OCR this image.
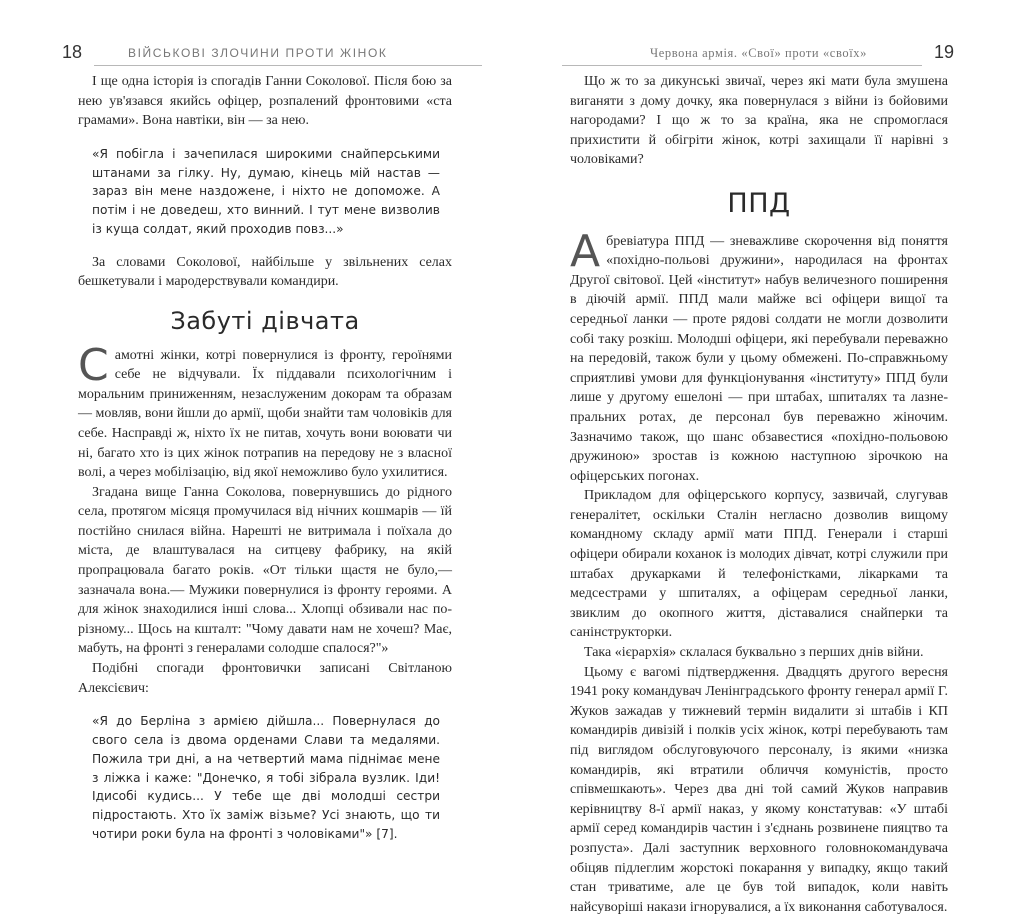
18	ВІЙСЬКОВІ ЗЛОЧИНИ ПРОТИ ЖІНОК

І ще одна історія із спогадів Ганни Соколової. Після бою за нею ув'язався якийсь офіцер, розпалений фронтовими «ста грамами». Вона навтіки, він — за нею.

«Я побігла і зачепилася широкими снайперськими штанами за гілку. Ну, думаю, кінець мій настав — зараз він мене наздожене, і ніхто не допоможе. А потім і не доведеш, хто винний. І тут мене визволив із куща солдат, який проходив повз...»

За словами Соколової, найбільше у звільнених селах бешкетували і мародерствували командири.

Забуті дівчата

Самотні жінки, котрі повернулися із фронту, героїнями себе не відчували. Їх піддавали психологічним і моральним приниженням, незаслуженим докорам та образам — мовляв, вони йшли до армії, щоби знайти там чоловіків для себе. Насправді ж, ніхто їх не питав, хочуть вони воювати чи ні, багато хто із цих жінок потрапив на передову не з власної волі, а через мобілізацію, від якої неможливо було ухилитися.

Згадана вище Ганна Соколова, повернувшись до рідного села, протягом місяця промучилася від нічних кошмарів — їй постійно снилася війна. Нарешті не витримала і поїхала до міста, де влаштувалася на ситцеву фабрику, на якій пропрацювала багато років. «От тільки щастя не було,— зазначала вона.— Мужики повернулися із фронту героями. А для жінок знаходилися інші слова... Хлопці обзивали нас по-різному... Щось на кшталт: "Чому давати нам не хочеш? Має, мабуть, на фронті з генералами солодше спалося?"»

Подібні спогади фронтовички записані Світланою Алексієвич:

«Я до Берліна з армією дійшла... Повернулася до свого села із двома орденами Слави та медалями. Пожила три дні, а на четвертий мама піднімає мене з ліжка і каже: "Донечко, я тобі зібрала вузлик. Іди! Ідисобі кудись... У тебе ще дві молодші сестри підростають. Хто їх заміж візьме? Усі знають, що ти чотири роки була на фронті з чоловіками"» [7].

Червона армія. «Свої» проти «своїх»	19

Що ж то за дикунські звичаї, через які мати була змушена виганяти з дому дочку, яка повернулася з війни із бойовими нагородами? І що ж то за країна, яка не спромоглася прихистити й обігріти жінок, котрі захищали її нарівні з чоловіками?

ППД

Абревіатура ППД — зневажливе скорочення від поняття «похідно-польові дружини», народилася на фронтах Другої світової. Цей «інститут» набув величезного поширення в діючій армії. ППД мали майже всі офіцери вищої та середньої ланки — проте рядові солдати не могли дозволити собі таку розкіш. Молодші офіцери, які перебували переважно на передовій, також були у цьому обмежені. По-справжньому сприятливі умови для функціонування «інституту» ППД були лише у другому ешелоні — при штабах, шпиталях та лазне-пральних ротах, де персонал був переважно жіночим. Зазначимо також, що шанс обзавестися «похідно-польовою дружиною» зростав із кожною наступною зірочкою на офіцерських погонах.

Прикладом для офіцерського корпусу, зазвичай, слугував генералітет, оскільки Сталін негласно дозволив вищому командному складу армії мати ППД. Генерали і старші офіцери обирали коханок із молодих дівчат, котрі служили при штабах друкарками й телефоністками, лікарками та медсестрами у шпиталях, а офіцерам середньої ланки, звиклим до окопного життя, діставалися снайперки та санінструкторки.

Така «ієрархія» склалася буквально з перших днів війни.

Цьому є вагомі підтвердження. Двадцять другого вересня 1941 року командувач Ленінградського фронту генерал армії Г. Жуков зажадав у тижневий термін видалити зі штабів і КП командирів дивізій і полків усіх жінок, котрі перебувають там під виглядом обслуговуючого персоналу, із якими «низка командирів, які втратили обличчя комуністів, просто співмешкають». Через два дні той самий Жуков направив керівництву 8-ї армії наказ, у якому констатував: «У штабі армії серед командирів частин і з'єднань розвинене пияцтво та розпуста». Далі заступник верховного головнокомандувача обіцяв підлеглим жорстокі покарання у випадку, якщо такий стан триватиме, але це був той випадок, коли навіть найсуворіші накази ігнорувалися, а їх виконання саботувалося.
